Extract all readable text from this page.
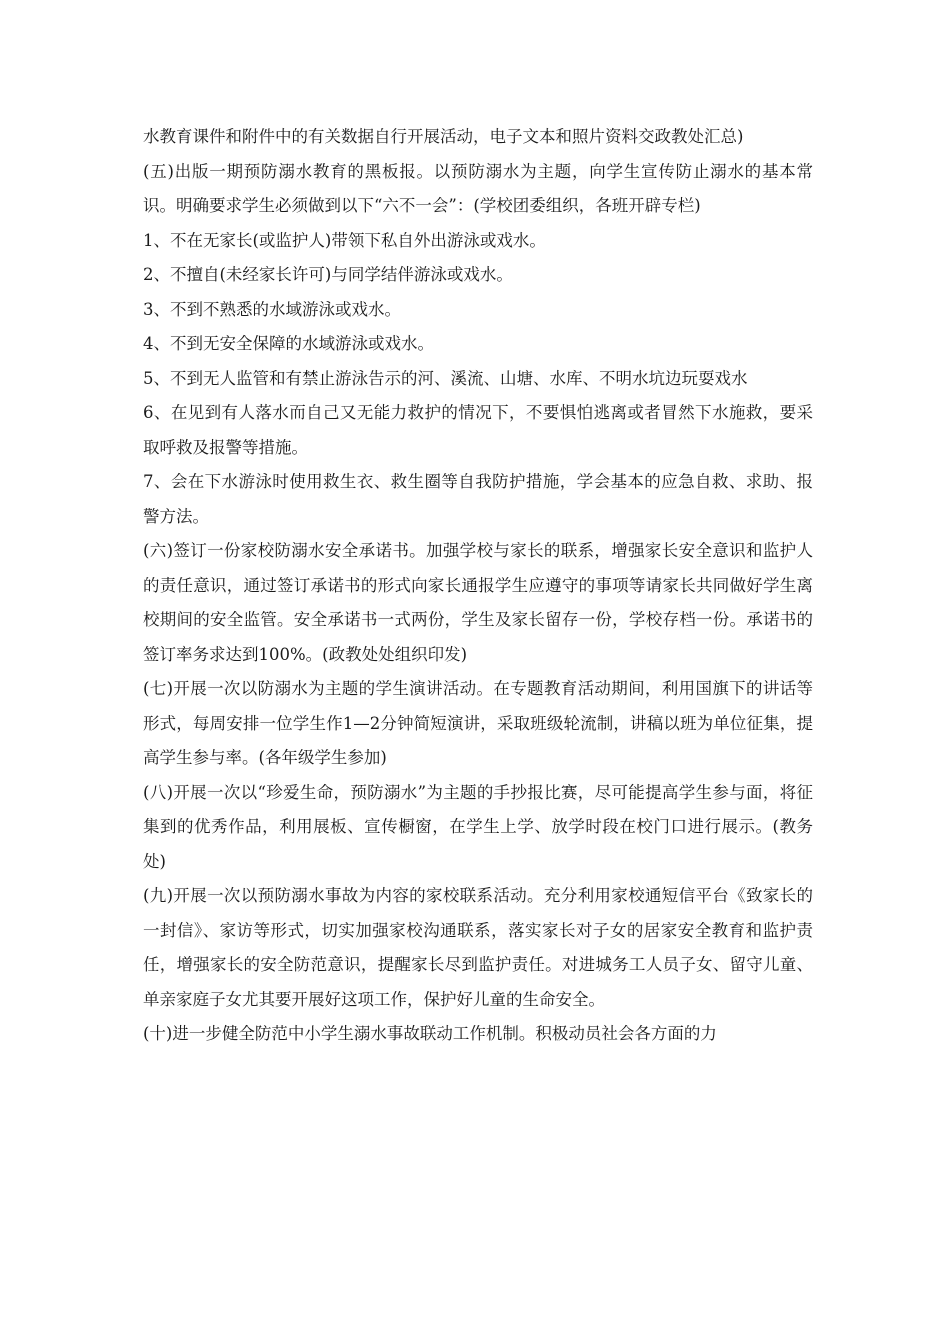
水教育课件和附件中的有关数据自行开展活动，电子文本和照片资料交政教处汇总)

(五)出版一期预防溺水教育的黑板报。以预防溺水为主题，向学生宣传防止溺水的基本常识。明确要求学生必须做到以下“六不一会”：(学校团委组织，各班开辟专栏)

1、不在无家长(或监护人)带领下私自外出游泳或戏水。

2、不擅自(未经家长许可)与同学结伴游泳或戏水。

3、不到不熟悉的水域游泳或戏水。

4、不到无安全保障的水域游泳或戏水。

5、不到无人监管和有禁止游泳告示的河、溪流、山塘、水库、不明水坑边玩耍戏水

6、在见到有人落水而自己又无能力救护的情况下，不要惧怕逃离或者冒然下水施救，要采取呼救及报警等措施。

7、会在下水游泳时使用救生衣、救生圈等自我防护措施，学会基本的应急自救、求助、报警方法。

(六)签订一份家校防溺水安全承诺书。加强学校与家长的联系，增强家长安全意识和监护人的责任意识，通过签订承诺书的形式向家长通报学生应遵守的事项等请家长共同做好学生离校期间的安全监管。安全承诺书一式两份，学生及家长留存一份，学校存档一份。承诺书的签订率务求达到100%。(政教处处组织印发)

(七)开展一次以防溺水为主题的学生演讲活动。在专题教育活动期间，利用国旗下的讲话等形式，每周安排一位学生作1—2分钟简短演讲，采取班级轮流制，讲稿以班为单位征集，提高学生参与率。(各年级学生参加)

(八)开展一次以“珍爱生命，预防溺水”为主题的手抄报比赛，尽可能提高学生参与面，将征集到的优秀作品，利用展板、宣传橱窗，在学生上学、放学时段在校门口进行展示。(教务处)

(九)开展一次以预防溺水事故为内容的家校联系活动。充分利用家校通短信平台《致家长的一封信》、家访等形式，切实加强家校沟通联系，落实家长对子女的居家安全教育和监护责任，增强家长的安全防范意识，提醒家长尽到监护责任。对进城务工人员子女、留守儿童、单亲家庭子女尤其要开展好这项工作，保护好儿童的生命安全。

(十)进一步健全防范中小学生溺水事故联动工作机制。积极动员社会各方面的力
